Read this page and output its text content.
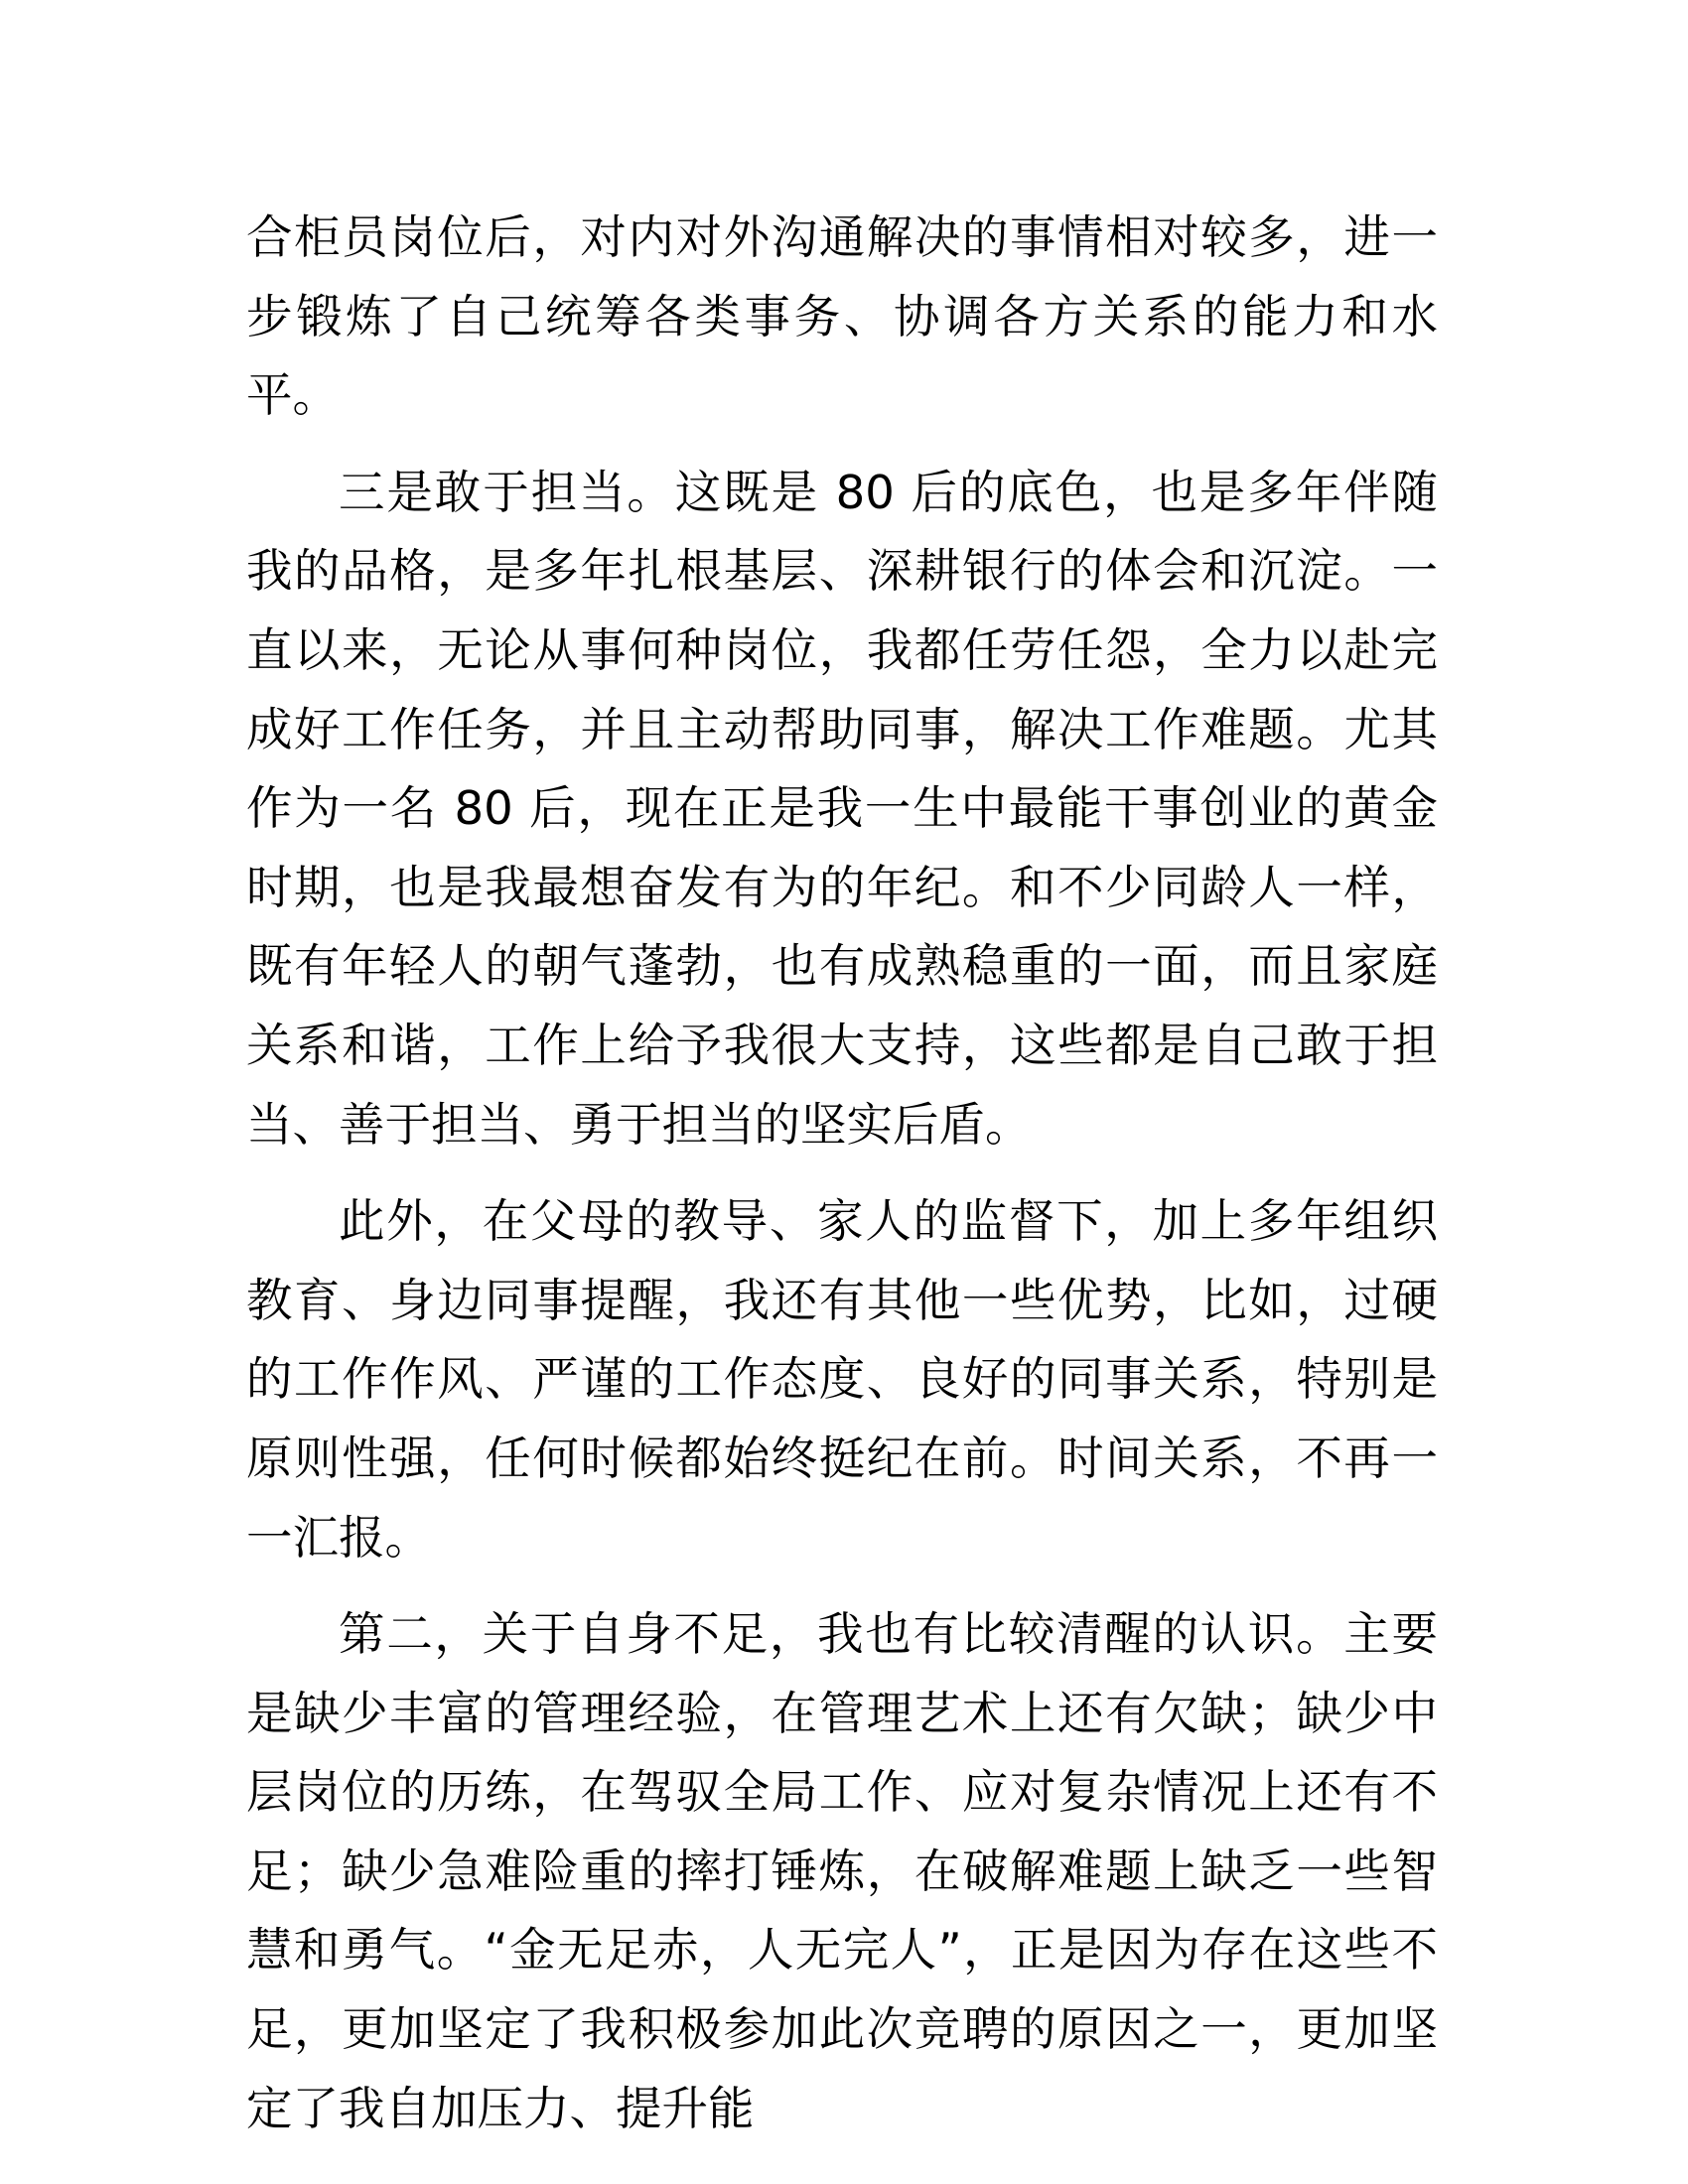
合柜员岗位后，对内对外沟通解决的事情相对较多，进一步锻炼了自己统筹各类事务、协调各方关系的能力和水平。

三是敢于担当。这既是 80 后的底色，也是多年伴随我的品格，是多年扎根基层、深耕银行的体会和沉淀。一直以来，无论从事何种岗位，我都任劳任怨，全力以赴完成好工作任务，并且主动帮助同事，解决工作难题。尤其作为一名 80 后，现在正是我一生中最能干事创业的黄金时期，也是我最想奋发有为的年纪。和不少同龄人一样，既有年轻人的朝气蓬勃，也有成熟稳重的一面，而且家庭关系和谐，工作上给予我很大支持，这些都是自己敢于担当、善于担当、勇于担当的坚实后盾。

此外，在父母的教导、家人的监督下，加上多年组织教育、身边同事提醒，我还有其他一些优势，比如，过硬的工作作风、严谨的工作态度、良好的同事关系，特别是原则性强，任何时候都始终挺纪在前。时间关系，不再一一汇报。

第二，关于自身不足，我也有比较清醒的认识。主要是缺少丰富的管理经验，在管理艺术上还有欠缺；缺少中层岗位的历练，在驾驭全局工作、应对复杂情况上还有不足；缺少急难险重的摔打锤炼，在破解难题上缺乏一些智慧和勇气。“金无足赤，人无完人”，正是因为存在这些不足，更加坚定了我积极参加此次竞聘的原因之一，更加坚定了我自加压力、提升能
